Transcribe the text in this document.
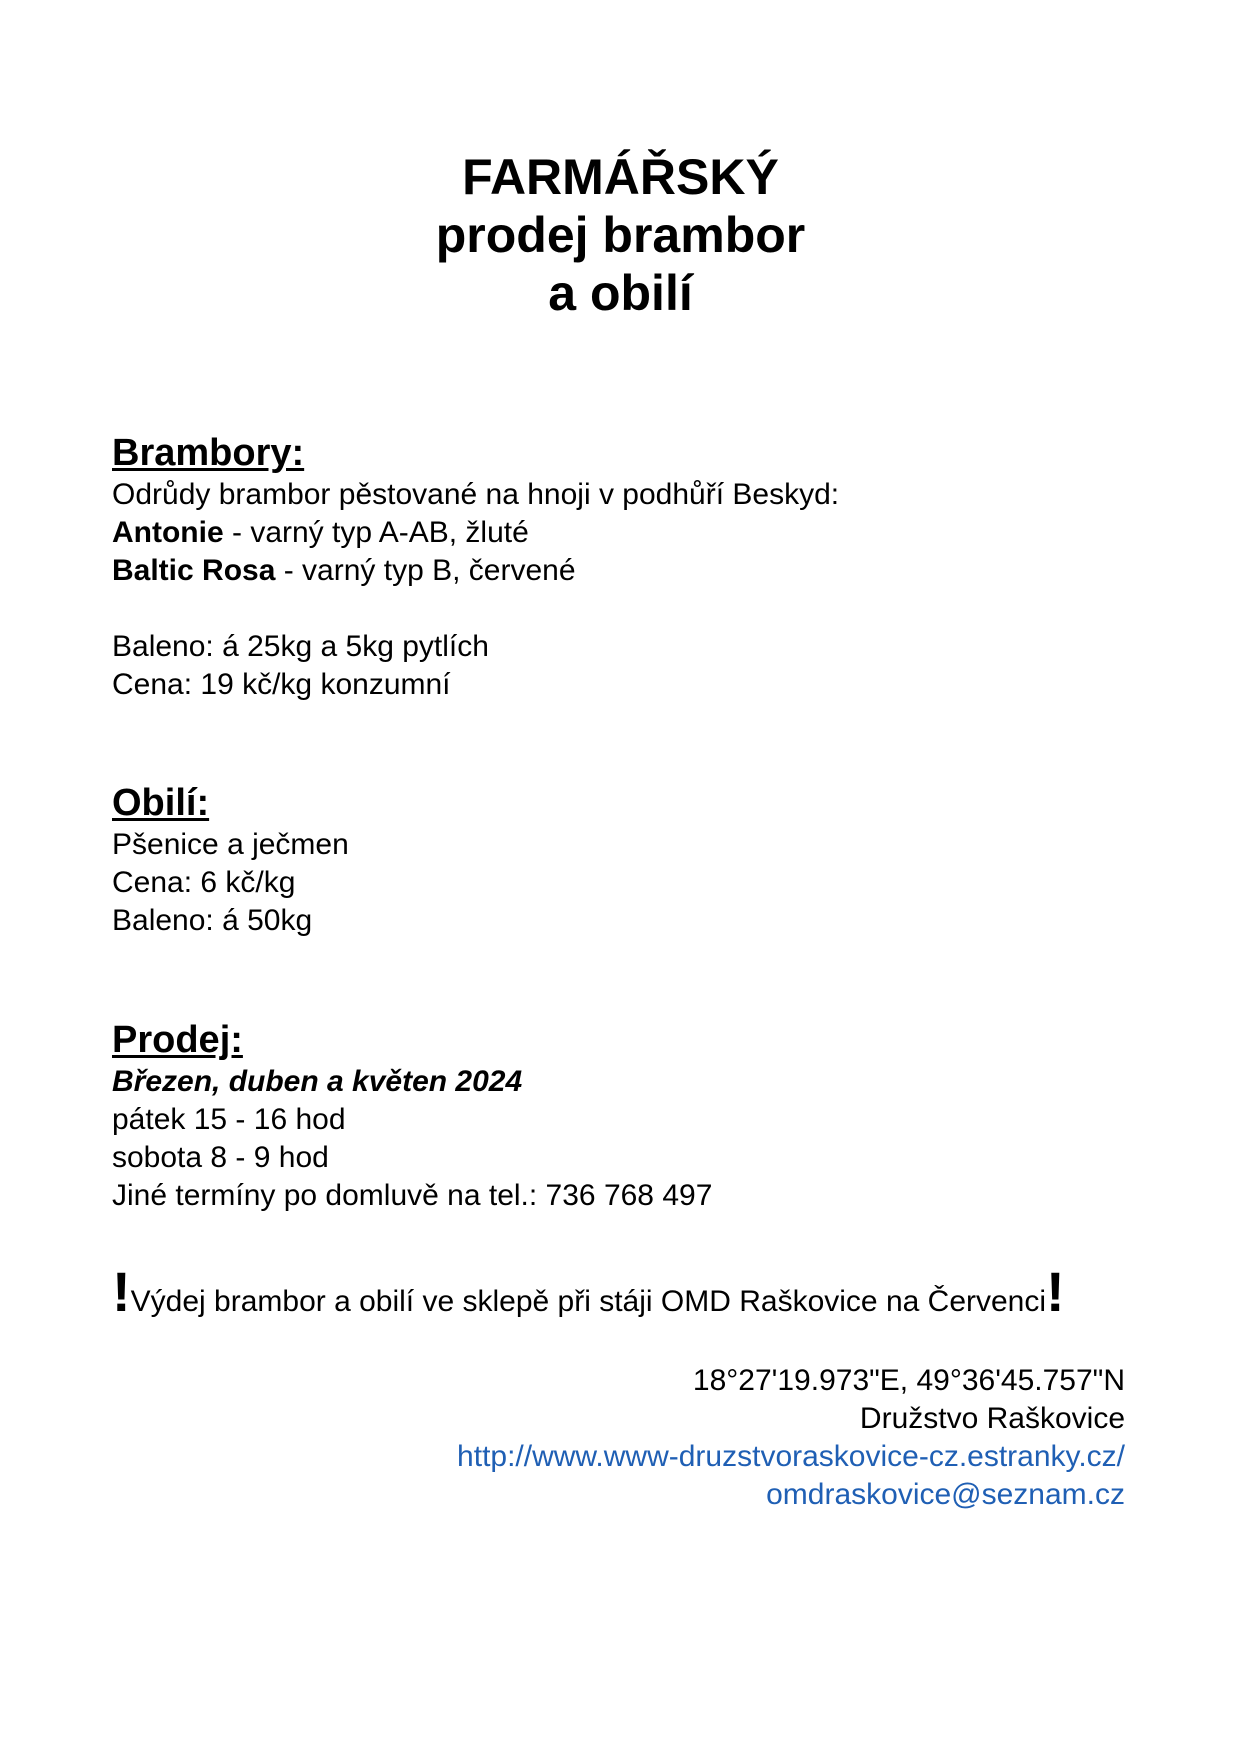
FARMÁŘSKÝ
prodej brambor
a obilí
Brambory:
Odrůdy brambor pěstované na hnoji v podhůří Beskyd:
Antonie - varný typ A-AB, žluté
Baltic Rosa - varný typ B, červené
Baleno: á 25kg a 5kg pytlích
Cena: 19 kč/kg konzumní
Obilí:
Pšenice a ječmen
Cena: 6 kč/kg
Baleno: á 50kg
Prodej:
Březen, duben a květen 2024
pátek 15 - 16 hod
sobota 8 - 9 hod
Jiné termíny po domluvě na tel.: 736 768 497
!Výdej brambor a obilí ve sklepě při stáji OMD Raškovice na Červenci!
18°27'19.973"E, 49°36'45.757"N
Družstvo Raškovice
http://www.www-druzstvoraskovice-cz.estranky.cz/
omdraskovice@seznam.cz
